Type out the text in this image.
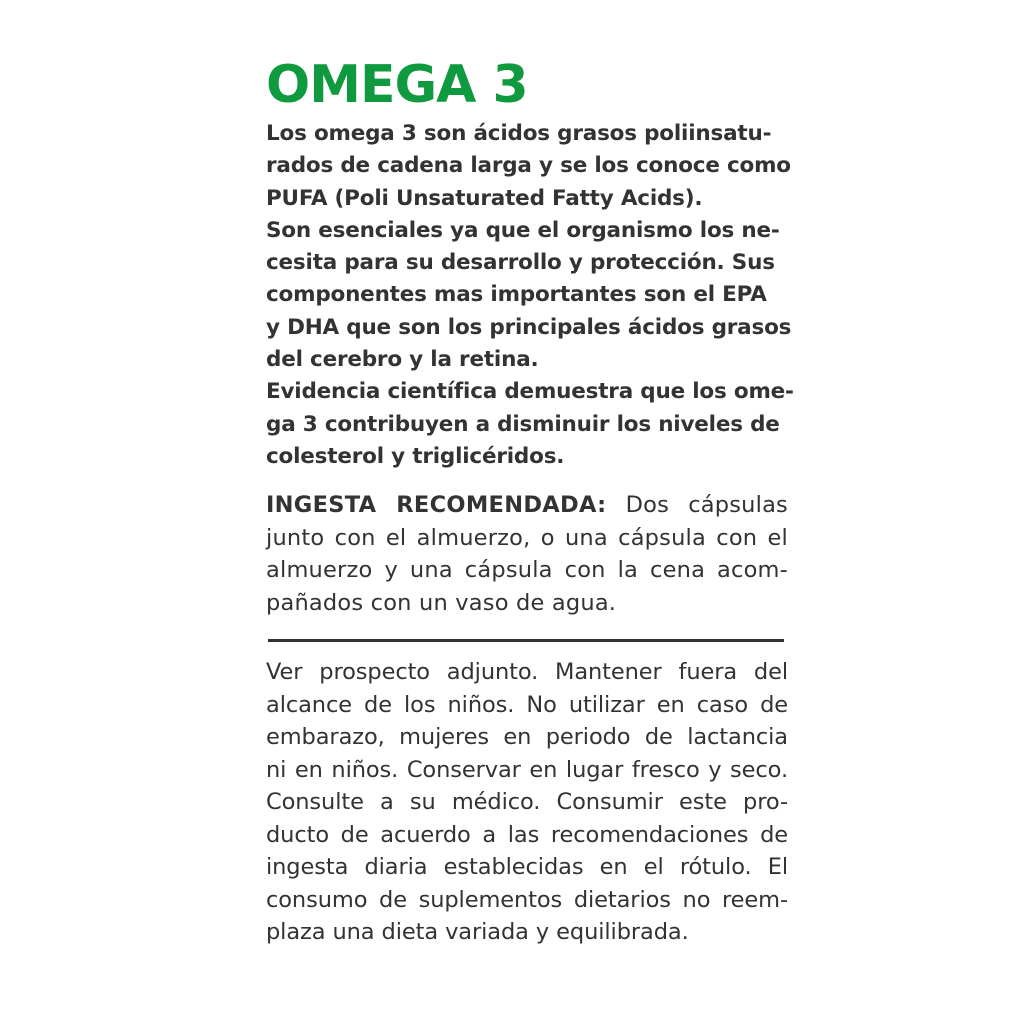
OMEGA 3
Los omega 3 son ácidos grasos poliinsatu-
rados de cadena larga y se los conoce como
PUFA (Poli Unsaturated Fatty Acids).
Son esenciales ya que el organismo los ne-
cesita para su desarrollo y protección. Sus
componentes mas importantes son el EPA
y DHA que son los principales ácidos grasos
del cerebro y la retina.
Evidencia científica demuestra que los ome-
ga 3 contribuyen a disminuir los niveles de
colesterol y triglicéridos.
INGESTA RECOMENDADA: Dos cápsulas
junto con el almuerzo, o una cápsula con el
almuerzo y una cápsula con la cena acom-
pañados con un vaso de agua.
Ver prospecto adjunto. Mantener fuera del
alcance de los niños. No utilizar en caso de
embarazo, mujeres en periodo de lactancia
ni en niños. Conservar en lugar fresco y seco.
Consulte a su médico. Consumir este pro-
ducto de acuerdo a las recomendaciones de
ingesta diaria establecidas en el rótulo. El
consumo de suplementos dietarios no reem-
plaza una dieta variada y equilibrada.
